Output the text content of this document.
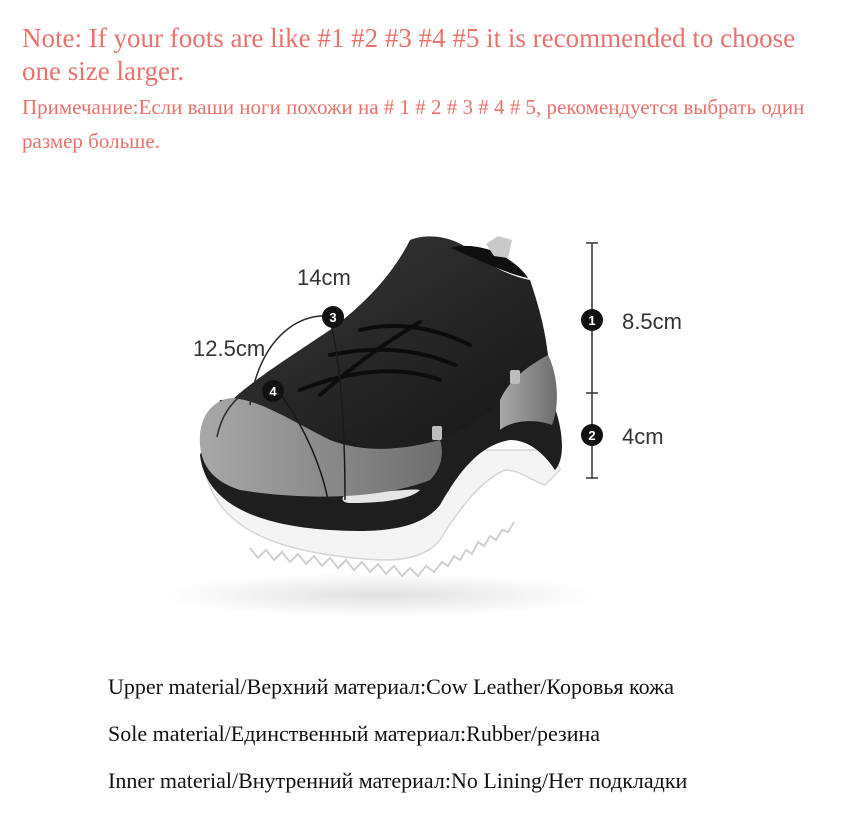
Note: If your foots are like #1 #2 #3 #4 #5 it is recommended to choose one size larger.
Примечание:Если ваши ноги похожи на # 1 # 2 # 3 # 4 # 5, рекомендуется выбрать один размер больше.
1
2
3
4
8.5cm
4cm
14cm
12.5cm
Upper material/Верхний материал:Cow Leather/Коровья кожа
Sole material/Единственный материал:Rubber/резина
Inner material/Внутренний материал:No Lining/Нет подкладки
